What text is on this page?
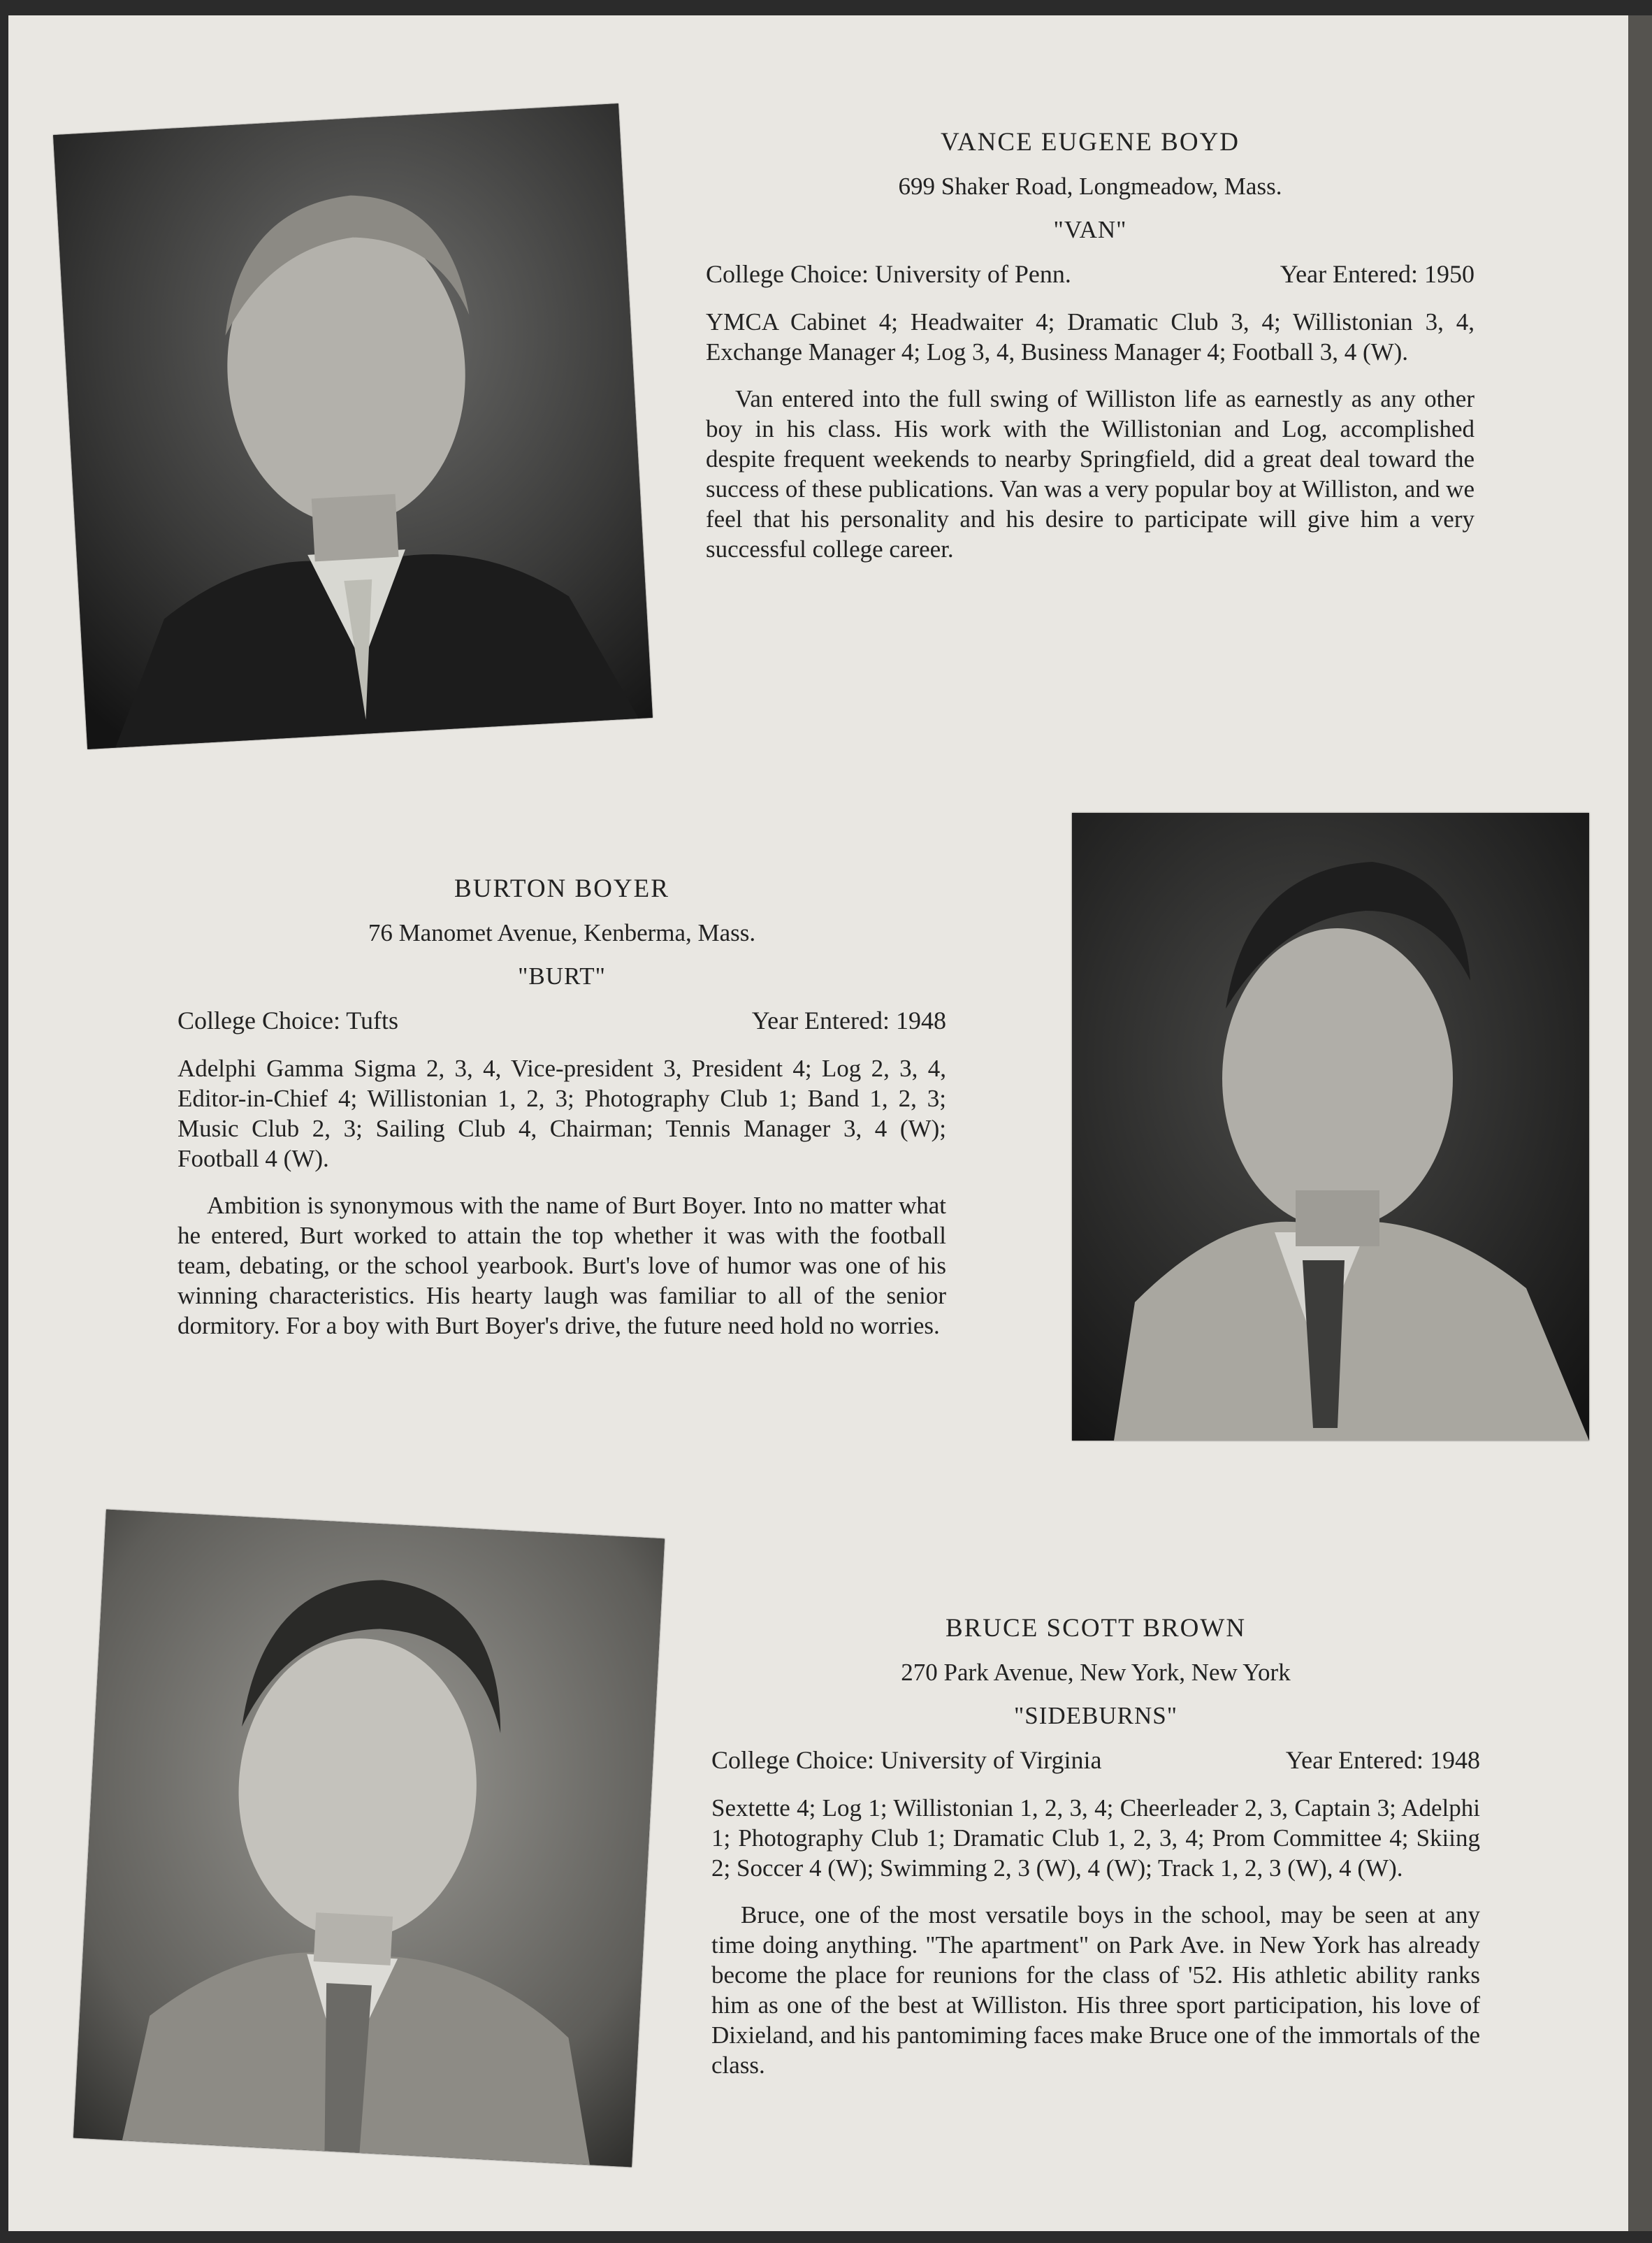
VANCE EUGENE BOYD
699 Shaker Road, Longmeadow, Mass.
"VAN"
College Choice: University of Penn.	Year Entered: 1950

YMCA Cabinet 4; Headwaiter 4; Dramatic Club 3, 4; Willistonian 3, 4, Exchange Manager 4; Log 3, 4, Business Manager 4; Football 3, 4 (W).

Van entered into the full swing of Williston life as earnestly as any other boy in his class. His work with the Willistonian and Log, accomplished despite frequent weekends to nearby Springfield, did a great deal toward the success of these publications. Van was a very popular boy at Williston, and we feel that his personality and his desire to participate will give him a very successful college career.

BURTON BOYER
76 Manomet Avenue, Kenberma, Mass.
"BURT"
College Choice: Tufts	Year Entered: 1948

Adelphi Gamma Sigma 2, 3, 4, Vice-president 3, President 4; Log 2, 3, 4, Editor-in-Chief 4; Willistonian 1, 2, 3; Photography Club 1; Band 1, 2, 3; Music Club 2, 3; Sailing Club 4, Chairman; Tennis Manager 3, 4 (W); Football 4 (W).

Ambition is synonymous with the name of Burt Boyer. Into no matter what he entered, Burt worked to attain the top whether it was with the football team, debating, or the school yearbook. Burt's love of humor was one of his winning characteristics. His hearty laugh was familiar to all of the senior dormitory. For a boy with Burt Boyer's drive, the future need hold no worries.

BRUCE SCOTT BROWN
270 Park Avenue, New York, New York
"SIDEBURNS"
College Choice: University of Virginia	Year Entered: 1948

Sextette 4; Log 1; Willistonian 1, 2, 3, 4; Cheerleader 2, 3, Captain 3; Adelphi 1; Photography Club 1; Dramatic Club 1, 2, 3, 4; Prom Committee 4; Skiing 2; Soccer 4 (W); Swimming 2, 3 (W), 4 (W); Track 1, 2, 3 (W), 4 (W).

Bruce, one of the most versatile boys in the school, may be seen at any time doing anything. "The apartment" on Park Ave. in New York has already become the place for reunions for the class of '52. His athletic ability ranks him as one of the best at Williston. His three sport participation, his love of Dixieland, and his pantomiming faces make Bruce one of the immortals of the class.
